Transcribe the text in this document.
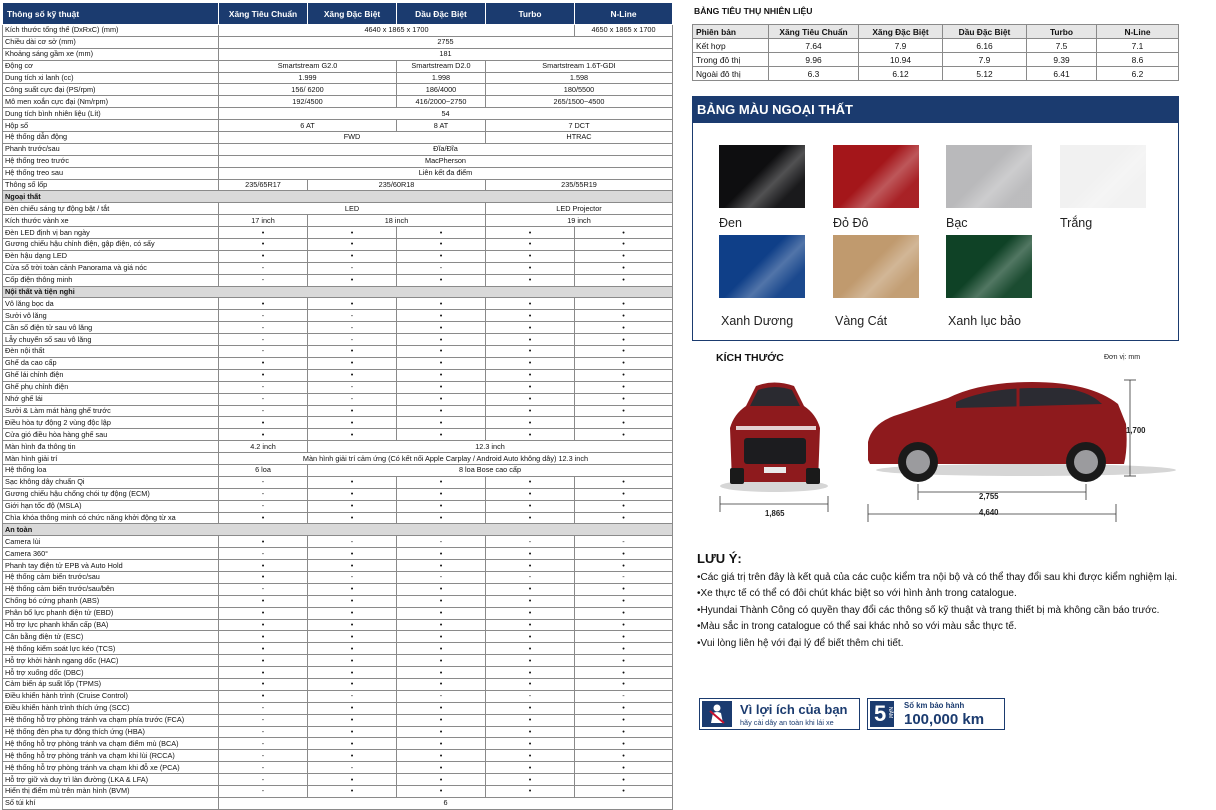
Thông số kỹ thuật	Xăng Tiêu Chuẩn	Xăng Đặc Biệt	Dầu Đặc Biệt	Turbo	N-Line
Kích thước tổng thể (DxRxC) (mm)	4640 x 1865 x 1700				4650 x 1865 x 1700
Chiều dài cơ sở (mm)	2755				
Khoảng sáng gầm xe (mm)	181				
Động cơ	Smartstream G2.0		Smartstream D2.0	Smartstream 1.6T-GDI	
Dung tích xi lanh (cc)	1.999		1.998	1.598	
Công suất cực đại (PS/rpm)	156/ 6200		186/4000	180/5500	
Mô men xoắn cực đại (Nm/rpm)	192/4500		416/2000~2750	265/1500~4500	
Dung tích bình nhiên liệu (Lít)	54				
Hộp số	6 AT		8 AT	7 DCT	
Hệ thống dẫn động	FWD			HTRAC	
Phanh trước/sau	Đĩa/Đĩa				
Hệ thống treo trước	MacPherson				
Hệ thống treo sau	Liên kết đa điểm				
Thông số lốp	235/65R17	235/60R18		235/55R19	
Ngoại thất					
Đèn chiếu sáng tự động bật / tắt	LED			LED Projector	
Kích thước vành xe	17 inch	18 inch		19 inch	
Đèn LED định vị ban ngày	•	•	•	•	•
Gương chiếu hậu chỉnh điện, gập điện, có sấy	•	•	•	•	•
Đèn hậu dạng LED	•	•	•	•	•
Cửa sổ trời toàn cảnh Panorama và giá nóc	-	-	-	•	•
Cốp điện thông minh	-	•	•	•	•
Nội thất và tiện nghi					
Vô lăng bọc da	•	•	•	•	•
Sưởi vô lăng	-	-	•	•	•
Cần số điện tử sau vô lăng	-	-	•	•	•
Lẫy chuyển số sau vô lăng	-	-	•	•	•
Đèn nội thất	-	•	•	•	•
Ghế da cao cấp	•	•	•	•	•
Ghế lái chỉnh điện	•	•	•	•	•
Ghế phụ chỉnh điện	-	-	•	•	•
Nhớ ghế lái	-	-	•	•	•
Sưởi & Làm mát hàng ghế trước	-	•	•	•	•
Điều hòa tự động 2 vùng độc lập	•	•	•	•	•
Cửa gió điều hòa hàng ghế sau	•	•	•	•	•
Màn hình đa thông tin	4.2 inch	12.3 inch			
Màn hình giải trí	Màn hình giải trí cảm ứng (Có kết nối Apple Carplay / Android Auto không dây) 12.3 inch				
Hệ thống loa	6 loa	8 loa Bose cao cấp			
Sạc không dây chuẩn Qi	-	•	•	•	•
Gương chiếu hậu chống chói tự động (ECM)	-	•	•	•	•
Giới hạn tốc độ (MSLA)	-	•	•	•	•
Chìa khóa thông minh có chức năng khởi động từ xa	•	•	•	•	•
An toàn					
Camera lùi	•	-	-	-	-
Camera 360°	-	•	•	•	•
Phanh tay điện tử EPB và Auto Hold	•	•	•	•	•
Hệ thống cảm biến trước/sau	•	-	-	-	-
Hệ thống cảm biến trước/sau/bên	-	•	•	•	•
Chống bó cứng phanh (ABS)	•	•	•	•	•
Phân bổ lực phanh điện tử (EBD)	•	•	•	•	•
Hỗ trợ lực phanh khẩn cấp (BA)	•	•	•	•	•
Cân bằng điện tử (ESC)	•	•	•	•	•
Hệ thống kiểm soát lực kéo (TCS)	•	•	•	•	•
Hỗ trợ khởi hành ngang dốc (HAC)	•	•	•	•	•
Hỗ trợ xuống dốc (DBC)	•	•	•	•	•
Cảm biến áp suất lốp (TPMS)	•	•	•	•	•
Điều khiển hành trình (Cruise Control)	•	-	-	-	-
Điều khiển hành trình thích ứng (SCC)	-	•	•	•	•
Hệ thống hỗ trợ phòng tránh va chạm phía trước (FCA)	-	•	•	•	•
Hệ thống đèn pha tự động thích ứng (HBA)	-	•	•	•	•
Hệ thống hỗ trợ phòng tránh va chạm điểm mù (BCA)	-	•	•	•	•
Hệ thống hỗ trợ phòng tránh va chạm khi lùi (RCCA)	-	•	•	•	•
Hệ thống hỗ trợ phòng tránh va chạm khi đỗ xe (PCA)	-	-	•	•	•
Hỗ trợ giữ và duy trì làn đường (LKA & LFA)	-	•	•	•	•
Hiển thị điểm mù trên màn hình (BVM)	-	•	•	•	•
Số túi khí	6				
BẢNG TIÊU THỤ NHIÊN LIỆU
Phiên bản	Xăng Tiêu Chuẩn	Xăng Đặc Biệt	Dầu Đặc Biệt	Turbo	N-Line
Kết hợp	7.64	7.9	6.16	7.5	7.1
Trong đô thị	9.96	10.94	7.9	9.39	8.6
Ngoài đô thị	6.3	6.12	5.12	6.41	6.2
BẢNG MÀU NGOẠI THẤT
Đen	Đỏ Đô	Bạc	Trắng
Xanh Dương	Vàng Cát	Xanh lục bảo
KÍCH THƯỚC	Đơn vị: mm
1,865
1,700
2,755
4,640
LƯU Ý:
• Các giá trị trên đây là kết quả của các cuộc kiểm tra nội bộ và có thể thay đổi sau khi được kiểm nghiệm lại.
• Xe thực tế có thể có đôi chút khác biệt so với hình ảnh trong catalogue.
• Hyundai Thành Công có quyền thay đổi các thông số kỹ thuật và trang thiết bị mà không cần báo trước.
• Màu sắc in trong catalogue có thể sai khác nhỏ so với màu sắc thực tế.
• Vui lòng liên hệ với đại lý để biết thêm chi tiết.
Vì lợi ích của bạn
hãy cài dây an toàn khi lái xe 5 NĂM
Số km bảo hành
100,000 km
